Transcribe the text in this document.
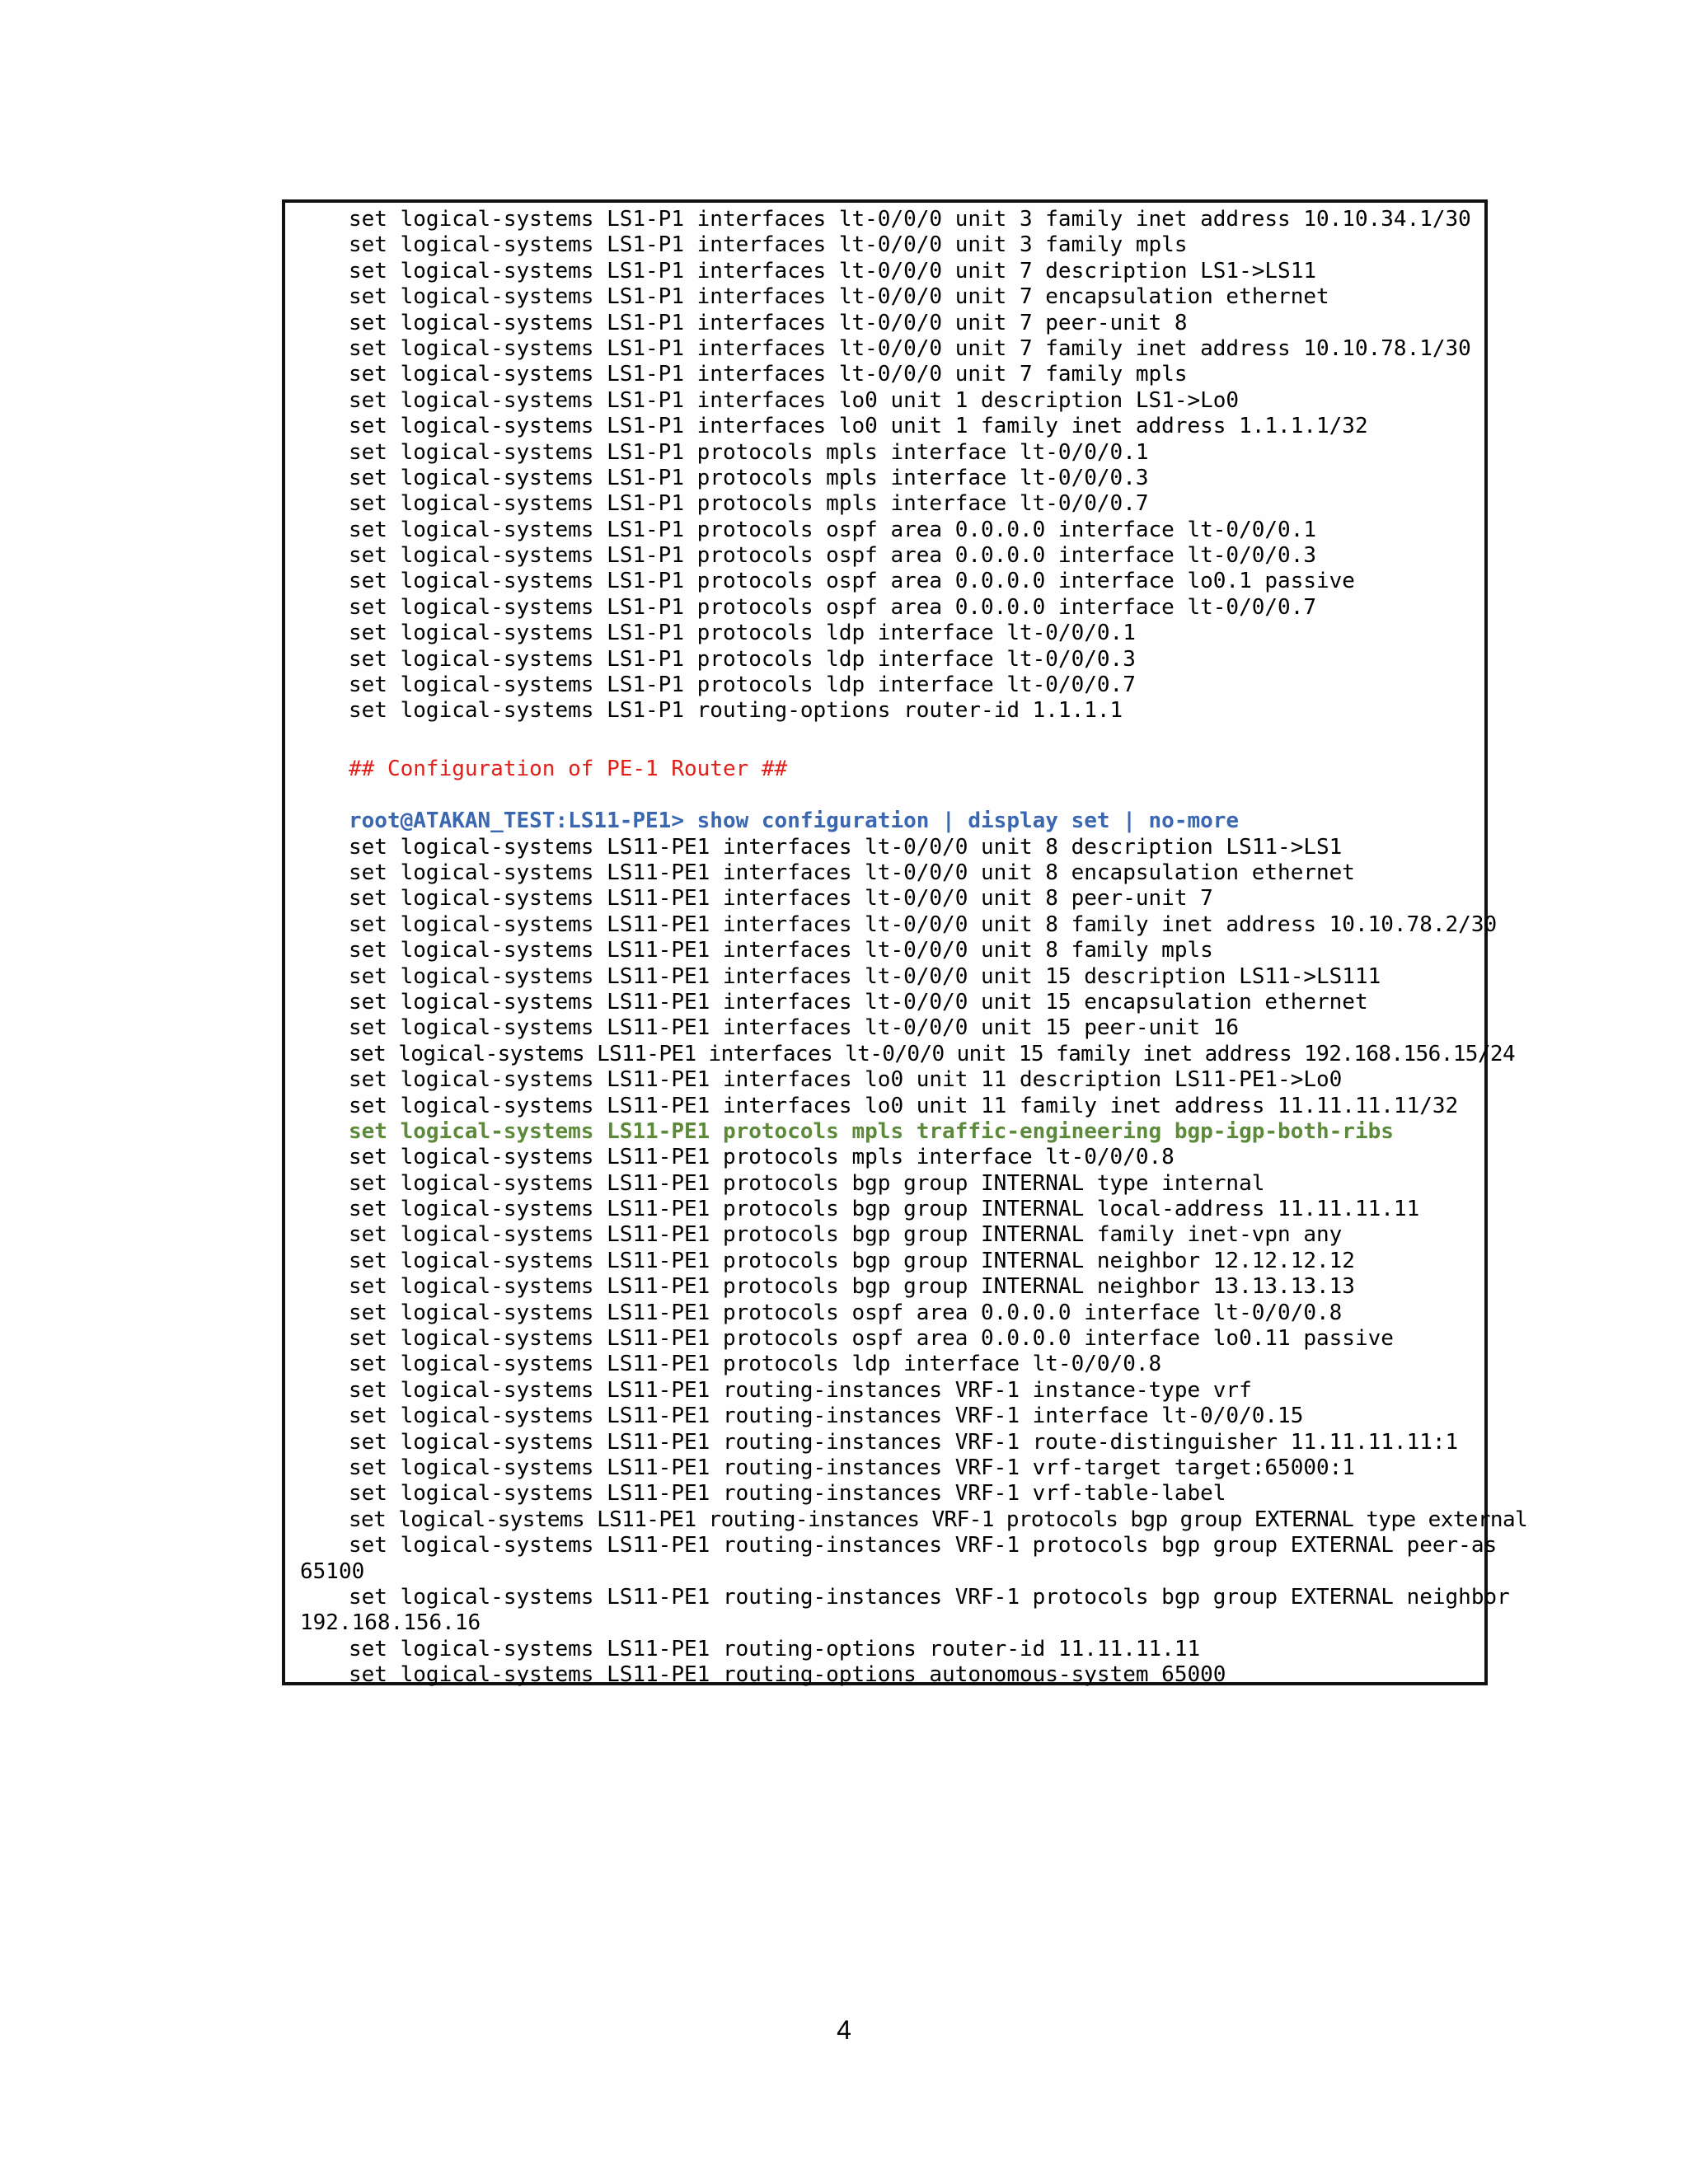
set logical-systems LS1-P1 interfaces lt-0/0/0 unit 3 family inet address 10.10.34.1/30
set logical-systems LS1-P1 interfaces lt-0/0/0 unit 3 family mpls
set logical-systems LS1-P1 interfaces lt-0/0/0 unit 7 description LS1->LS11
set logical-systems LS1-P1 interfaces lt-0/0/0 unit 7 encapsulation ethernet
set logical-systems LS1-P1 interfaces lt-0/0/0 unit 7 peer-unit 8
set logical-systems LS1-P1 interfaces lt-0/0/0 unit 7 family inet address 10.10.78.1/30
set logical-systems LS1-P1 interfaces lt-0/0/0 unit 7 family mpls
set logical-systems LS1-P1 interfaces lo0 unit 1 description LS1->Lo0
set logical-systems LS1-P1 interfaces lo0 unit 1 family inet address 1.1.1.1/32
set logical-systems LS1-P1 protocols mpls interface lt-0/0/0.1
set logical-systems LS1-P1 protocols mpls interface lt-0/0/0.3
set logical-systems LS1-P1 protocols mpls interface lt-0/0/0.7
set logical-systems LS1-P1 protocols ospf area 0.0.0.0 interface lt-0/0/0.1
set logical-systems LS1-P1 protocols ospf area 0.0.0.0 interface lt-0/0/0.3
set logical-systems LS1-P1 protocols ospf area 0.0.0.0 interface lo0.1 passive
set logical-systems LS1-P1 protocols ospf area 0.0.0.0 interface lt-0/0/0.7
set logical-systems LS1-P1 protocols ldp interface lt-0/0/0.1
set logical-systems LS1-P1 protocols ldp interface lt-0/0/0.3
set logical-systems LS1-P1 protocols ldp interface lt-0/0/0.7
set logical-systems LS1-P1 routing-options router-id 1.1.1.1
## Configuration of PE-1 Router ##
root@ATAKAN_TEST:LS11-PE1> show configuration | display set | no-more
set logical-systems LS11-PE1 interfaces lt-0/0/0 unit 8 description LS11->LS1
set logical-systems LS11-PE1 interfaces lt-0/0/0 unit 8 encapsulation ethernet
set logical-systems LS11-PE1 interfaces lt-0/0/0 unit 8 peer-unit 7
set logical-systems LS11-PE1 interfaces lt-0/0/0 unit 8 family inet address 10.10.78.2/30
set logical-systems LS11-PE1 interfaces lt-0/0/0 unit 8 family mpls
set logical-systems LS11-PE1 interfaces lt-0/0/0 unit 15 description LS11->LS111
set logical-systems LS11-PE1 interfaces lt-0/0/0 unit 15 encapsulation ethernet
set logical-systems LS11-PE1 interfaces lt-0/0/0 unit 15 peer-unit 16
set logical-systems LS11-PE1 interfaces lt-0/0/0 unit 15 family inet address 192.168.156.15/24
set logical-systems LS11-PE1 interfaces lo0 unit 11 description LS11-PE1->Lo0
set logical-systems LS11-PE1 interfaces lo0 unit 11 family inet address 11.11.11.11/32
set logical-systems LS11-PE1 protocols mpls traffic-engineering bgp-igp-both-ribs
set logical-systems LS11-PE1 protocols mpls interface lt-0/0/0.8
set logical-systems LS11-PE1 protocols bgp group INTERNAL type internal
set logical-systems LS11-PE1 protocols bgp group INTERNAL local-address 11.11.11.11
set logical-systems LS11-PE1 protocols bgp group INTERNAL family inet-vpn any
set logical-systems LS11-PE1 protocols bgp group INTERNAL neighbor 12.12.12.12
set logical-systems LS11-PE1 protocols bgp group INTERNAL neighbor 13.13.13.13
set logical-systems LS11-PE1 protocols ospf area 0.0.0.0 interface lt-0/0/0.8
set logical-systems LS11-PE1 protocols ospf area 0.0.0.0 interface lo0.11 passive
set logical-systems LS11-PE1 protocols ldp interface lt-0/0/0.8
set logical-systems LS11-PE1 routing-instances VRF-1 instance-type vrf
set logical-systems LS11-PE1 routing-instances VRF-1 interface lt-0/0/0.15
set logical-systems LS11-PE1 routing-instances VRF-1 route-distinguisher 11.11.11.11:1
set logical-systems LS11-PE1 routing-instances VRF-1 vrf-target target:65000:1
set logical-systems LS11-PE1 routing-instances VRF-1 vrf-table-label
set logical-systems LS11-PE1 routing-instances VRF-1 protocols bgp group EXTERNAL type external
set logical-systems LS11-PE1 routing-instances VRF-1 protocols bgp group EXTERNAL peer-as
65100
set logical-systems LS11-PE1 routing-instances VRF-1 protocols bgp group EXTERNAL neighbor
192.168.156.16
set logical-systems LS11-PE1 routing-options router-id 11.11.11.11
set logical-systems LS11-PE1 routing-options autonomous-system 65000
4
